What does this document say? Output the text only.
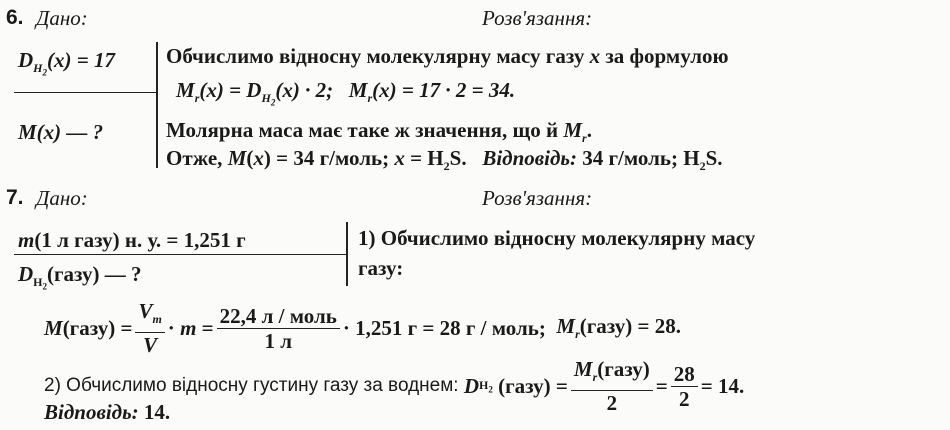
6. Дано:	Розв'язання:
$D_{H_2}(x) = 17$
M(x) — ?
Обчислимо відносну молекулярну масу газу x за формулою
$M_r(x) = D_{H_2}(x) \cdot 2$;   $M_r(x) = 17 \cdot 2 = 34$.
Молярна маса має таке ж значення, що й $M_r$.
Отже, M(x) = 34 г/моль; $x = H_2S$.   Відповідь: 34 г/моль; $H_2S$.
7. Дано:	Розв'язання:
m(1 л газу) н. у. = 1,251 г
$D_{H_2}(газу)$ — ?
1) Обчислимо відносну молекулярну масу
газу:
M (газу) = $\frac{V_m}{V} \cdot m = \frac{\text{22,4 л / моль}}{1 л} \cdot 1,251$ г = 28 г / моль;
$M_r(газу) = 28$.
2) Обчислимо відносну густину газу за воднем:
D $H_2$ (газу) = $\frac{M_r(газу)}{2} = \frac{28}{2} = 14$.
Відповідь: 14.
